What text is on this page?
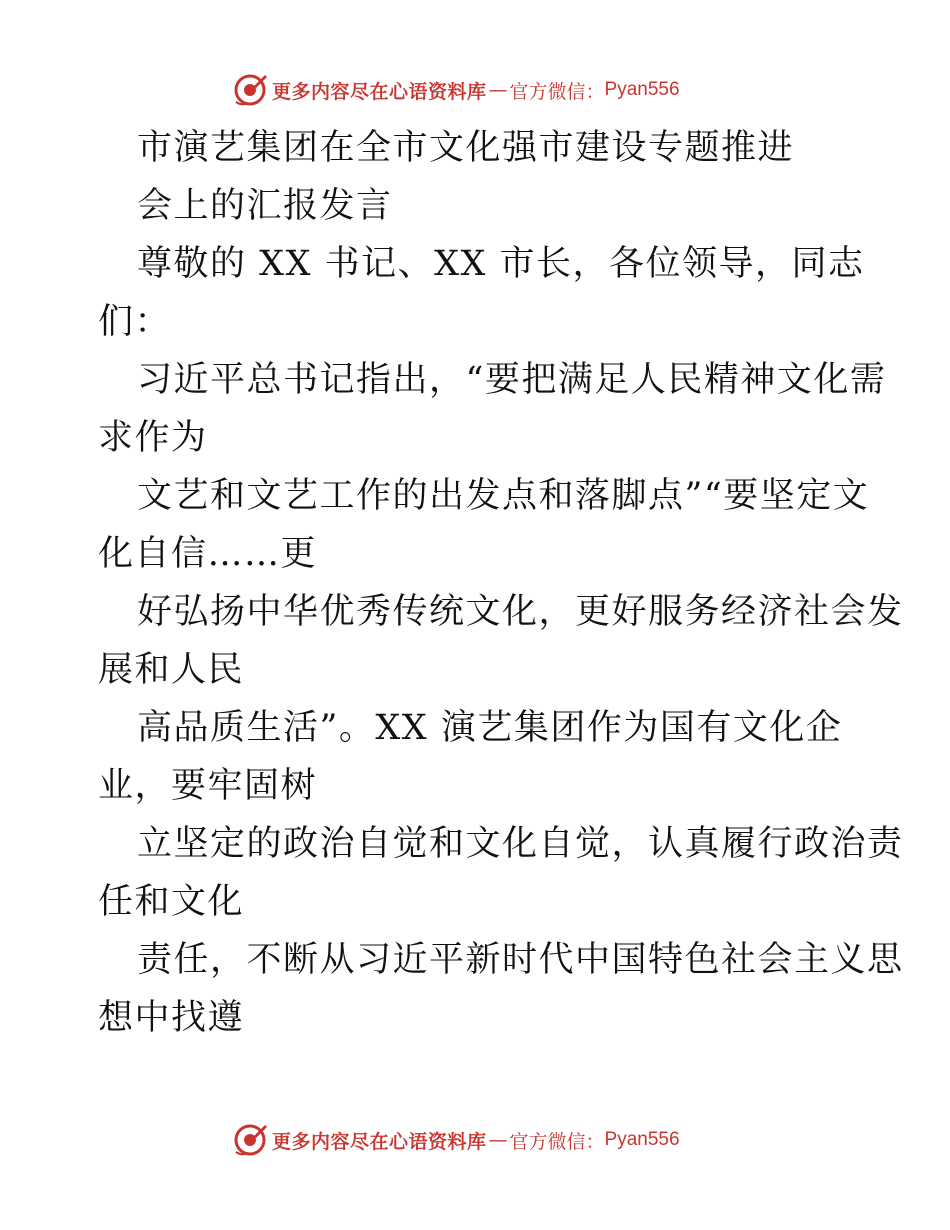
更多内容尽在心语资料库 — 官方微信： Pyan556
市演艺集团在全市文化强市建设专题推进
会上的汇报发言
尊敬的 XX 书记、XX 市长，各位领导，同志
们：
习近平总书记指出，“要把满足人民精神文化需
求作为
文艺和文艺工作的出发点和落脚点”“要坚定文
化自信……更
好弘扬中华优秀传统文化，更好服务经济社会发
展和人民
高品质生活”。XX 演艺集团作为国有文化企
业，要牢固树
立坚定的政治自觉和文化自觉，认真履行政治责
任和文化
责任，不断从习近平新时代中国特色社会主义思
想中找遵
更多内容尽在心语资料库 — 官方微信： Pyan556
